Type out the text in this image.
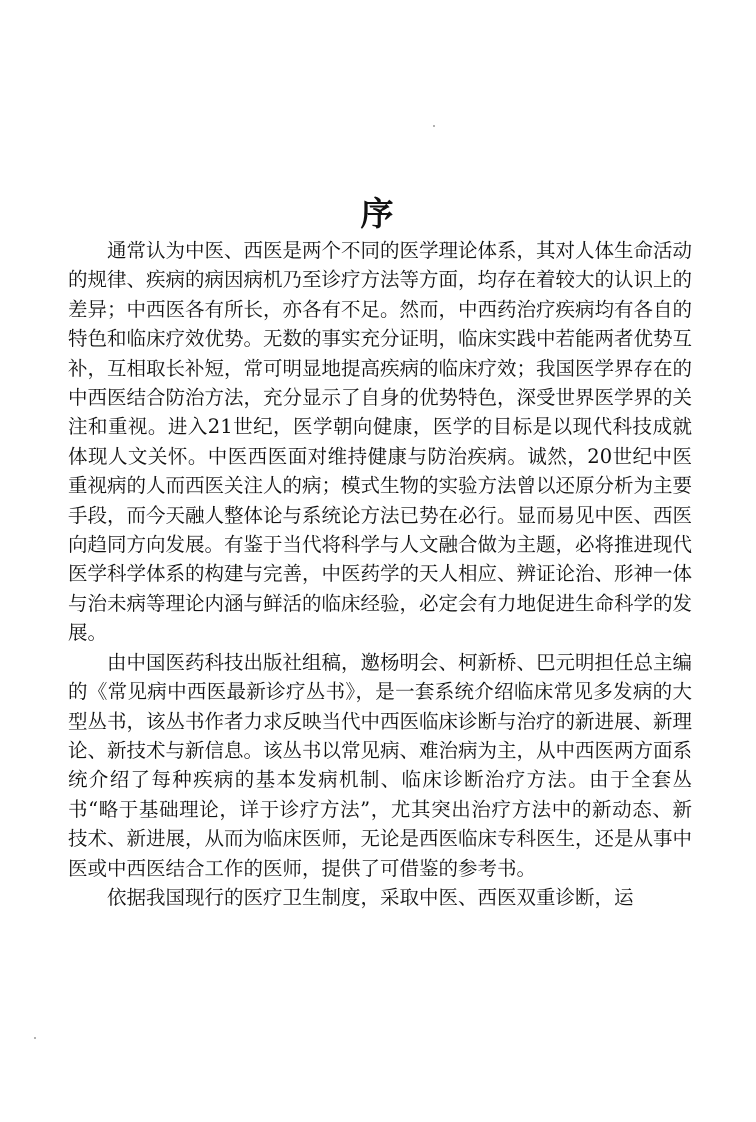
序

通常认为中医、西医是两个不同的医学理论体系，其对人体生命活动的规律、疾病的病因病机乃至诊疗方法等方面，均存在着较大的认识上的差异；中西医各有所长，亦各有不足。然而，中西药治疗疾病均有各自的特色和临床疗效优势。无数的事实充分证明，临床实践中若能两者优势互补，互相取长补短，常可明显地提高疾病的临床疗效；我国医学界存在的中西医结合防治方法，充分显示了自身的优势特色，深受世界医学界的关注和重视。进入21世纪，医学朝向健康，医学的目标是以现代科技成就体现人文关怀。中医西医面对维持健康与防治疾病。诚然，20世纪中医重视病的人而西医关注人的病；模式生物的实验方法曾以还原分析为主要手段，而今天融人整体论与系统论方法已势在必行。显而易见中医、西医向趋同方向发展。有鉴于当代将科学与人文融合做为主题，必将推进现代医学科学体系的构建与完善，中医药学的天人相应、辨证论治、形神一体与治未病等理论内涵与鲜活的临床经验，必定会有力地促进生命科学的发展。

由中国医药科技出版社组稿，邀杨明会、柯新桥、巴元明担任总主编的《常见病中西医最新诊疗丛书》，是一套系统介绍临床常见多发病的大型丛书，该丛书作者力求反映当代中西医临床诊断与治疗的新进展、新理论、新技术与新信息。该丛书以常见病、难治病为主，从中西医两方面系统介绍了每种疾病的基本发病机制、临床诊断治疗方法。由于全套丛书“略于基础理论，详于诊疗方法”，尤其突出治疗方法中的新动态、新技术、新进展，从而为临床医师，无论是西医临床专科医生，还是从事中医或中西医结合工作的医师，提供了可借鉴的参考书。

依据我国现行的医疗卫生制度，采取中医、西医双重诊断，运
